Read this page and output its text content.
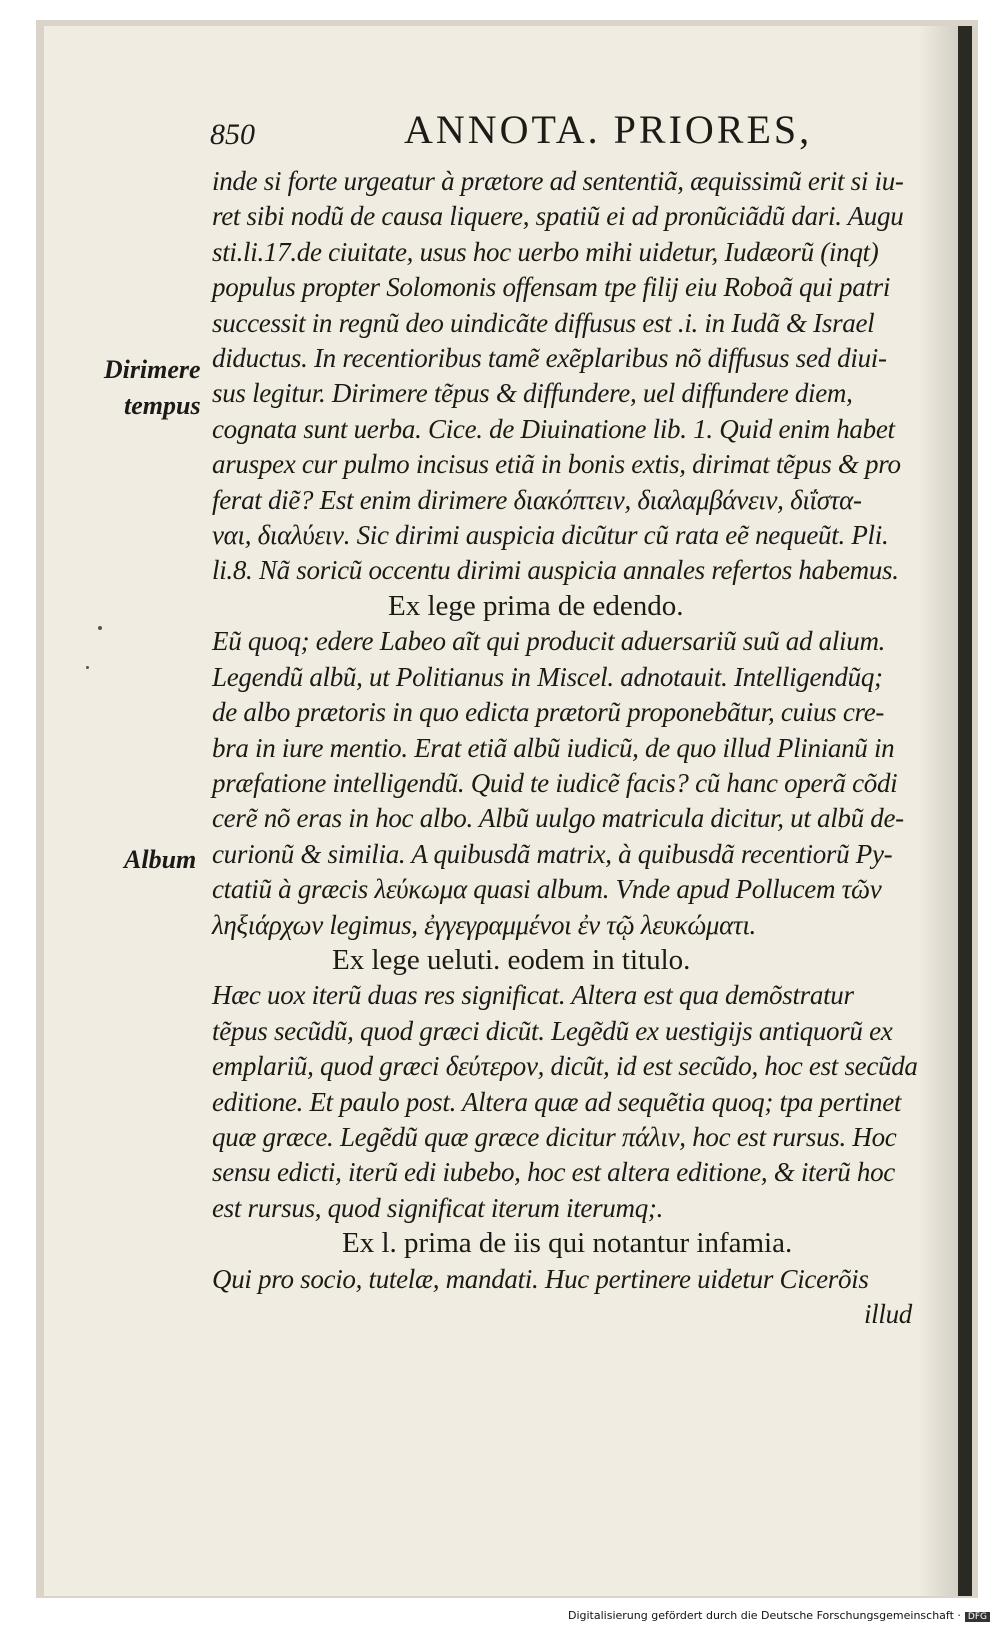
850	ANNOTA. PRIORES,
Dirimere
tempus
Album
inde si forte urgeatur à prætore ad sententiã, æquissimũ erit si iu-
ret sibi nodũ de causa liquere, spatiũ ei ad pronũciãdũ dari. Augu
sti.li.17.de ciuitate, usus hoc uerbo mihi uidetur, Iudæorũ (inqt)
populus propter Solomonis offensam tpe filij eiu Roboã qui patri
successit in regnũ deo uindicãte diffusus est .i. in Iudã & Israel
diductus. In recentioribus tamẽ exẽplaribus nõ diffusus sed diui-
sus legitur. Dirimere tẽpus & diffundere, uel diffundere diem,
cognata sunt uerba. Cice. de Diuinatione lib. 1. Quid enim habet
aruspex cur pulmo incisus etiã in bonis extis, dirimat tẽpus & pro
ferat diẽ? Est enim dirimere διακόπτειν, διαλαμβάνειν, διΐστα-
ναι, διαλύειν. Sic dirimi auspicia dicũtur cũ rata eẽ nequeũt. Pli.
li.8. Nã soricũ occentu dirimi auspicia annales refertos habemus.
Ex lege prima de edendo.
Eũ quoq; edere Labeo aĩt qui producit aduersariũ suũ ad alium.
Legendũ albũ, ut Politianus in Miscel. adnotauit. Intelligendũq;
de albo prætoris in quo edicta prætorũ proponebãtur, cuius cre-
bra in iure mentio. Erat etiã albũ iudicũ, de quo illud Plinianũ in
præfatione intelligendũ. Quid te iudicẽ facis? cũ hanc operã cõdi
cerẽ nõ eras in hoc albo. Albũ uulgo matricula dicitur, ut albũ de-
curionũ & similia. A quibusdã matrix, à quibusdã recentiorũ Py-
ctatiũ à græcis λεύκωμα quasi album. Vnde apud Pollucem τῶν
ληξιάρχων legimus, ἐγγεγραμμένοι ἐν τῷ λευκώματι.
Ex lege ueluti. eodem in titulo.
Hæc uox iterũ duas res significat. Altera est qua demõstratur
tẽpus secũdũ, quod græci dicũt. Legẽdũ ex uestigijs antiquorũ ex
emplariũ, quod græci δεύτερον, dicũt, id est secũdo, hoc est secũda
editione. Et paulo post. Altera quæ ad sequẽtia quoq; tpa pertinet
quæ græce. Legẽdũ quæ græce dicitur πάλιν, hoc est rursus. Hoc
sensu edicti, iterũ edi iubebo, hoc est altera editione, & iterũ hoc
est rursus, quod significat iterum iterumq;.
Ex l. prima de iis qui notantur infamia.
Qui pro socio, tutelæ, mandati. Huc pertinere uidetur Cicerõis
illud
Digitalisierung gefördert durch die Deutsche Forschungsgemeinschaft · DFG
